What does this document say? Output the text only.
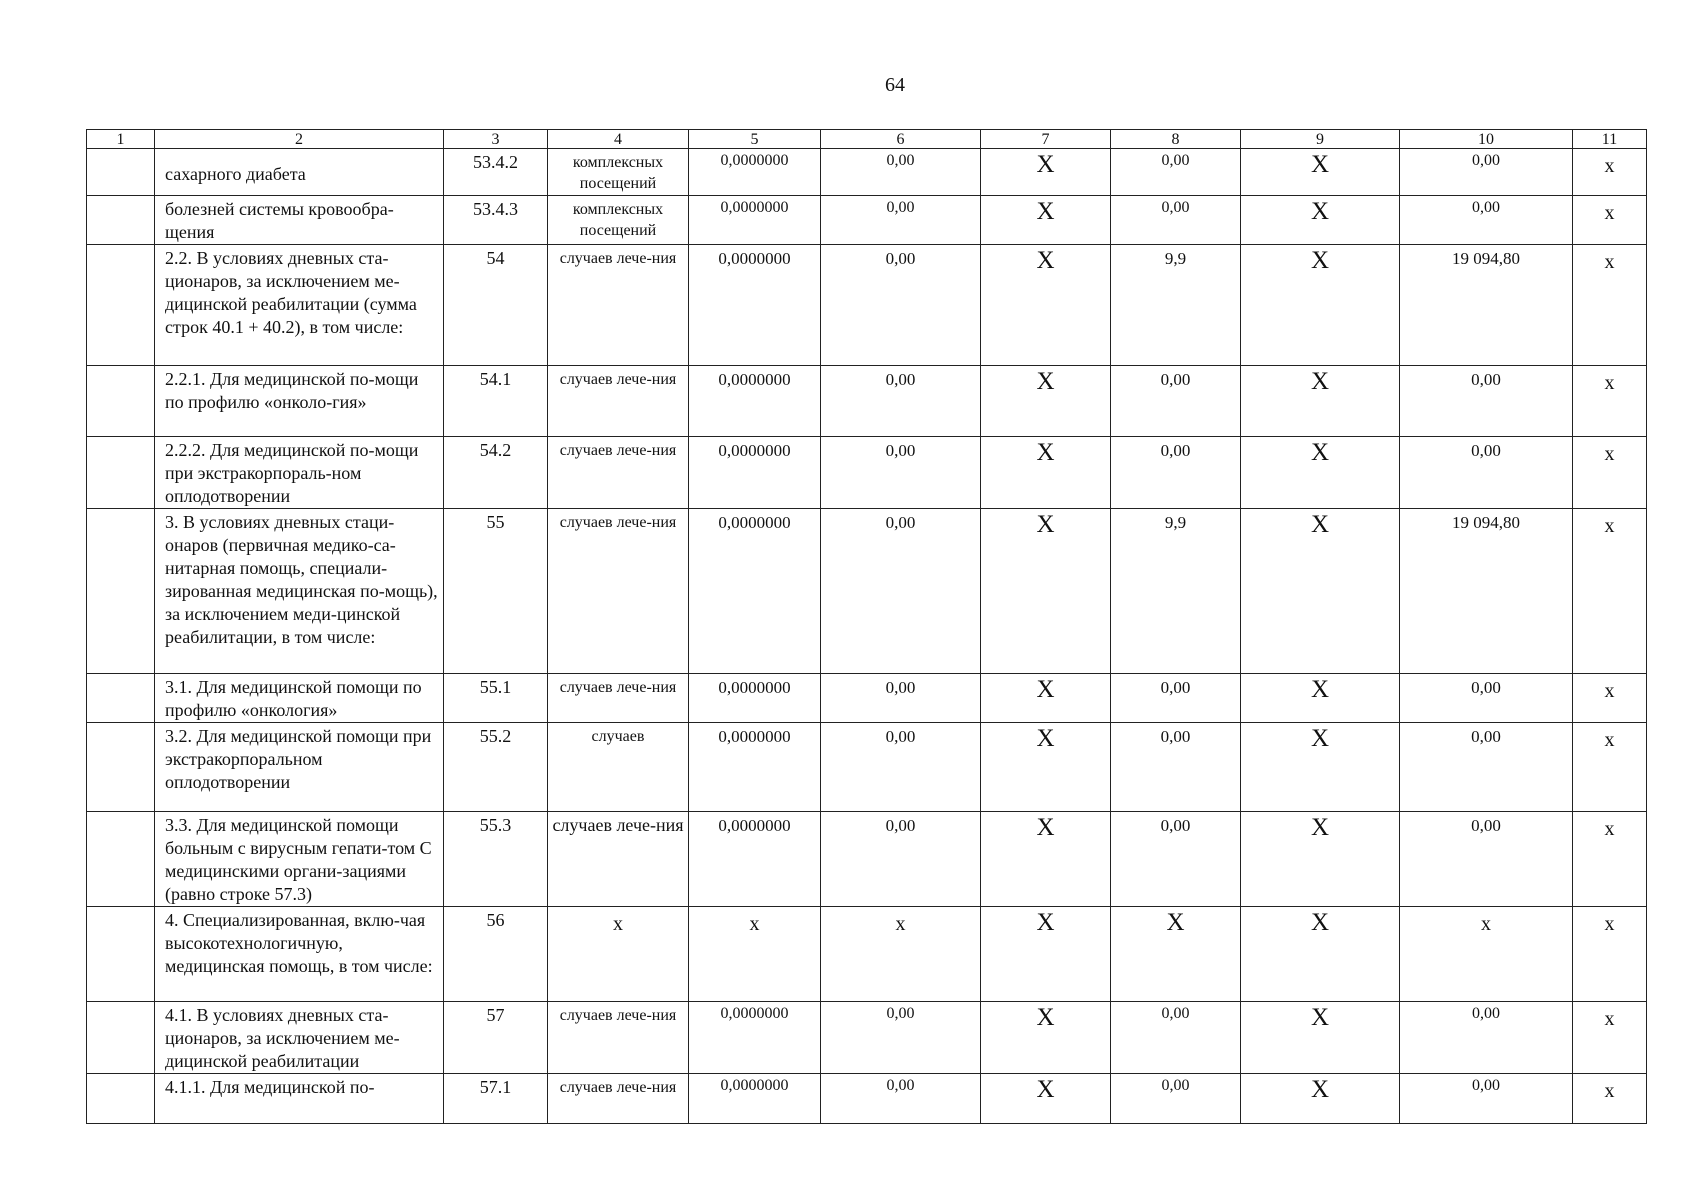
64
1	2	3	4	5	6	7	8	9	10	11
	сахарного диабета	53.4.2	комплексных посещений	0,0000000	0,00	X	0,00	X	0,00	x
	болезней системы кровообра-щения	53.4.3	комплексных посещений	0,0000000	0,00	X	0,00	X	0,00	x
	2.2. В условиях дневных ста-ционаров, за исключением ме-дицинской реабилитации (сумма строк 40.1 + 40.2), в том числе:	54	случаев лече-ния	0,0000000	0,00	X	9,9	X	19 094,80	x
	2.2.1. Для медицинской по-мощи по профилю «онколо-гия»	54.1	случаев лече-ния	0,0000000	0,00	X	0,00	X	0,00	x
	2.2.2. Для медицинской по-мощи при экстракорпораль-ном оплодотворении	54.2	случаев лече-ния	0,0000000	0,00	X	0,00	X	0,00	x
	3. В условиях дневных стаци-онаров (первичная медико-са-нитарная помощь, специали-зированная медицинская по-мощь), за исключением меди-цинской реабилитации, в том числе:	55	случаев лече-ния	0,0000000	0,00	X	9,9	X	19 094,80	x
	3.1. Для медицинской помощи по профилю «онкология»	55.1	случаев лече-ния	0,0000000	0,00	X	0,00	X	0,00	x
	3.2. Для медицинской помощи при экстракорпоральном оплодотворении	55.2	случаев	0,0000000	0,00	X	0,00	X	0,00	x
	3.3. Для медицинской помощи больным с вирусным гепати-том С медицинскими органи-зациями (равно строке 57.3)	55.3	случаев лече-ния	0,0000000	0,00	X	0,00	X	0,00	x
	4. Специализированная, вклю-чая высокотехнологичную, медицинская помощь, в том числе:	56	x	x	x	X	X	X	x	x
	4.1. В условиях дневных ста-ционаров, за исключением ме-дицинской реабилитации	57	случаев лече-ния	0,0000000	0,00	X	0,00	X	0,00	x
	4.1.1. Для медицинской по-	57.1	случаев лече-ния	0,0000000	0,00	X	0,00	X	0,00	x
